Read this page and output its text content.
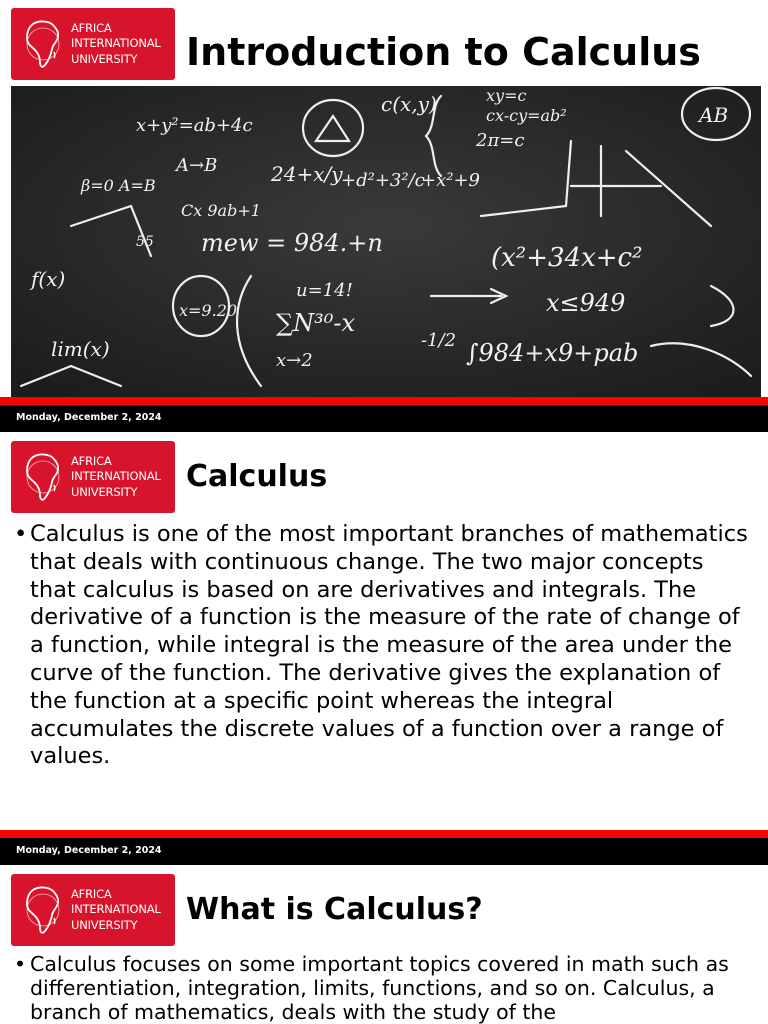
AFRICA
INTERNATIONAL
UNIVERSITY	Introduction to Calculus
x+y²=ab+4c
A→B
Cx 9ab+1
24+x/y
+d²+3²/c
+x²+9
c(x,y)	xy=c
cx-cy=ab²
2π=c
AB
mew = 984.+n	(x²+34x+c²
x=9.20 ∑N³⁰-x
-1/2 ∫984+x9+pab
x≤949
u=14!
x→2
lim(x)
β=0 A=B
f(x)
55
Monday, December 2, 2024
AFRICA
INTERNATIONAL
UNIVERSITY	Calculus
• Calculus is one of the most important branches of mathematics that deals with continuous change. The two major concepts that calculus is based on are derivatives and integrals. The derivative of a function is the measure of the rate of change of a function, while integral is the measure of the area under the curve of the function. The derivative gives the explanation of the function at a specific point whereas the integral accumulates the discrete values of a function over a range of values.
Monday, December 2, 2024
AFRICA
INTERNATIONAL
UNIVERSITY	What is Calculus?
• Calculus focuses on some important topics covered in math such as differentiation, integration, limits, functions, and so on. Calculus, a branch of mathematics, deals with the study of the
